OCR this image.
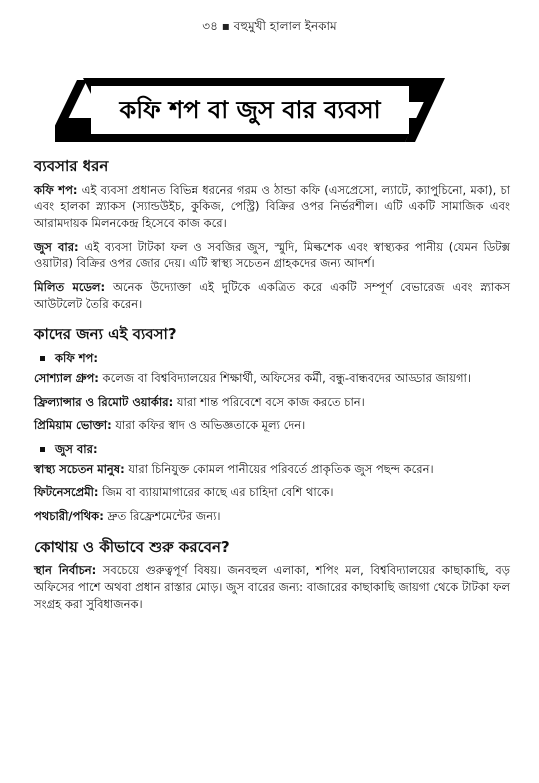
৩৪ ▪ বহুমুখী হালাল ইনকাম
কফি শপ বা জুস বার ব্যবসা
ব্যবসার ধরন

কফি শপ: এই ব্যবসা প্রধানত বিভিন্ন ধরনের গরম ও ঠান্ডা কফি (এসপ্রেসো, ল্যাটে, ক্যাপুচিনো, মকা), চা এবং হালকা স্ন্যাকস (স্যান্ডউইচ, কুকিজ, পেস্ট্রি) বিক্রির ওপর নির্ভরশীল। এটি একটি সামাজিক এবং আরামদায়ক মিলনকেন্দ্র হিসেবে কাজ করে।

জুস বার: এই ব্যবসা টাটকা ফল ও সবজির জুস, স্মুদি, মিল্কশেক এবং স্বাস্থ্যকর পানীয় (যেমন ডিটক্স ওয়াটার) বিক্রির ওপর জোর দেয়। এটি স্বাস্থ্য সচেতন গ্রাহকদের জন্য আদর্শ।

মিলিত মডেল: অনেক উদ্যোক্তা এই দুটিকে একত্রিত করে একটি সম্পূর্ণ বেভারেজ এবং স্ন্যাকস আউটলেট তৈরি করেন।

কাদের জন্য এই ব্যবসা?
কফি শপ:

সোশ্যাল গ্রুপ: কলেজ বা বিশ্ববিদ্যালয়ের শিক্ষার্থী, অফিসের কর্মী, বন্ধু-বান্ধবদের আড্ডার জায়গা।

ফ্রিল্যান্সার ও রিমোট ওয়ার্কার: যারা শান্ত পরিবেশে বসে কাজ করতে চান।

প্রিমিয়াম ভোক্তা: যারা কফির স্বাদ ও অভিজ্ঞতাকে মূল্য দেন।

জুস বার:

স্বাস্থ্য সচেতন মানুষ: যারা চিনিযুক্ত কোমল পানীয়ের পরিবর্তে প্রাকৃতিক জুস পছন্দ করেন।

ফিটনেসপ্রেমী: জিম বা ব্যায়ামাগারের কাছে এর চাহিদা বেশি থাকে।

পথচারী/পথিক: দ্রুত রিফ্রেশমেন্টের জন্য।

কোথায় ও কীভাবে শুরু করবেন?

স্থান নির্বাচন: সবচেয়ে গুরুত্বপূর্ণ বিষয়। জনবহুল এলাকা, শপিং মল, বিশ্ববিদ্যালয়ের কাছাকাছি, বড় অফিসের পাশে অথবা প্রধান রাস্তার মোড়। জুস বারের জন্য: বাজারের কাছাকাছি জায়গা থেকে টাটকা ফল সংগ্রহ করা সুবিধাজনক।
